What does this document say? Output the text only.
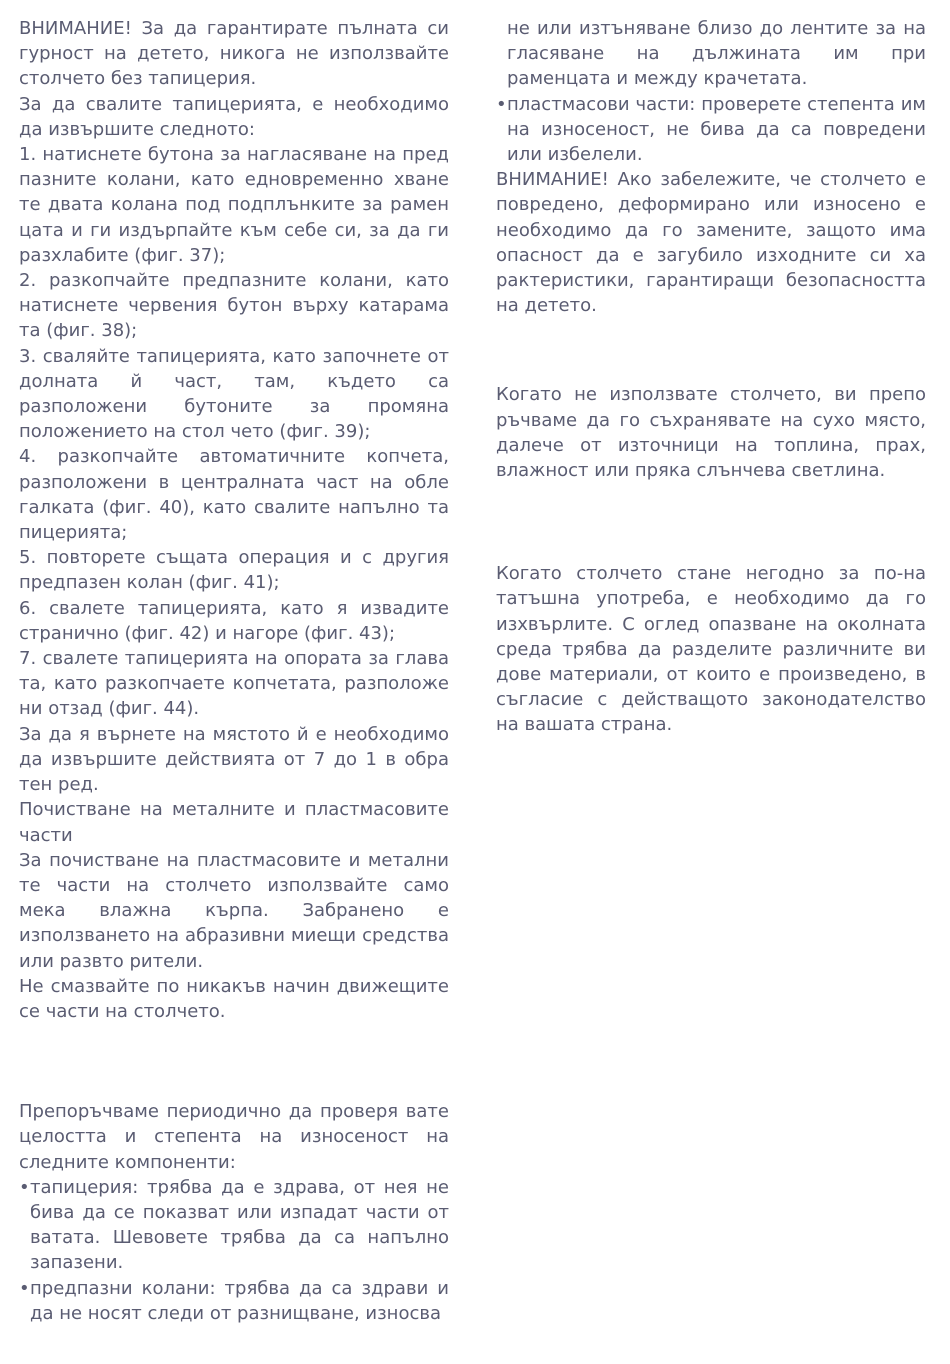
ВНИМАНИЕ! За да гарантирате пълната си гурност на детето, никога не използвайте столчето без тапицерия.

За да свалите тапицерията, е необходимо да извършите следното:

1. натиснете бутона за нагласяване на пред пазните колани, като едновременно хване те двата колана под подплънките за рамен цата и ги издърпайте към себе си, за да ги разхлабите (фиг. 37);

2. разкопчайте предпазните колани, като натиснете червения бутон върху катарама та (фиг. 38);

3. сваляйте тапицерията, като започнете от долната й част, там, където са разположени бутоните за промяна положението на стол чето (фиг. 39);

4. разкопчайте автоматичните копчета, разположени в централната част на обле галката (фиг. 40), като свалите напълно та пицерията;

5. повторете същата операция и с другия предпазен колан (фиг. 41);

6. свалете тапицерията, като я извадите странично (фиг. 42) и нагоре (фиг. 43);

7. свалете тапицерията на опората за глава та, като разкопчаете копчетата, разположе ни отзад (фиг. 44).

За да я върнете на мястото й е необходимо да извършите действията от 7 до 1 в обра тен ред.

Почистване на металните и пластмасовите части

За почистване на пластмасовите и метални те части на столчето използвайте само мека влажна кърпа. Забранено е използването на абразивни миещи средства или развто рители.

Не смазвайте по никакъв начин движещите се части на столчето.

Препоръчваме периодично да проверя вате целостта и степента на износеност на следните компоненти:

• тапицерия: трябва да е здрава, от нея не бива да се показват или изпадат части от ватата. Шевовете трябва да са напълно запазени.

• предпазни колани: трябва да са здрави и да не носят следи от разнищване, износва

не или изтъняване близо до лентите за на гласяване на дължината им при раменцата и между крачетата.

• пластмасови части: проверете степента им на износеност, не бива да са повредени или избелели.

ВНИМАНИЕ! Ако забележите, че столчето е повредено, деформирано или износено е необходимо да го замените, защото има опасност да е загубило изходните си ха рактеристики, гарантиращи безопасността на детето.

Когато не използвате столчето, ви препо ръчваме да го съхранявате на сухо място, далече от източници на топлина, прах, влажност или пряка слънчева светлина.

Когато столчето стане негодно за по-на татъшна употреба, е необходимо да го изхвърлите. С оглед опазване на околната среда трябва да разделите различните ви дове материали, от които е произведено, в съгласие с действащото законодателство на вашата страна.
